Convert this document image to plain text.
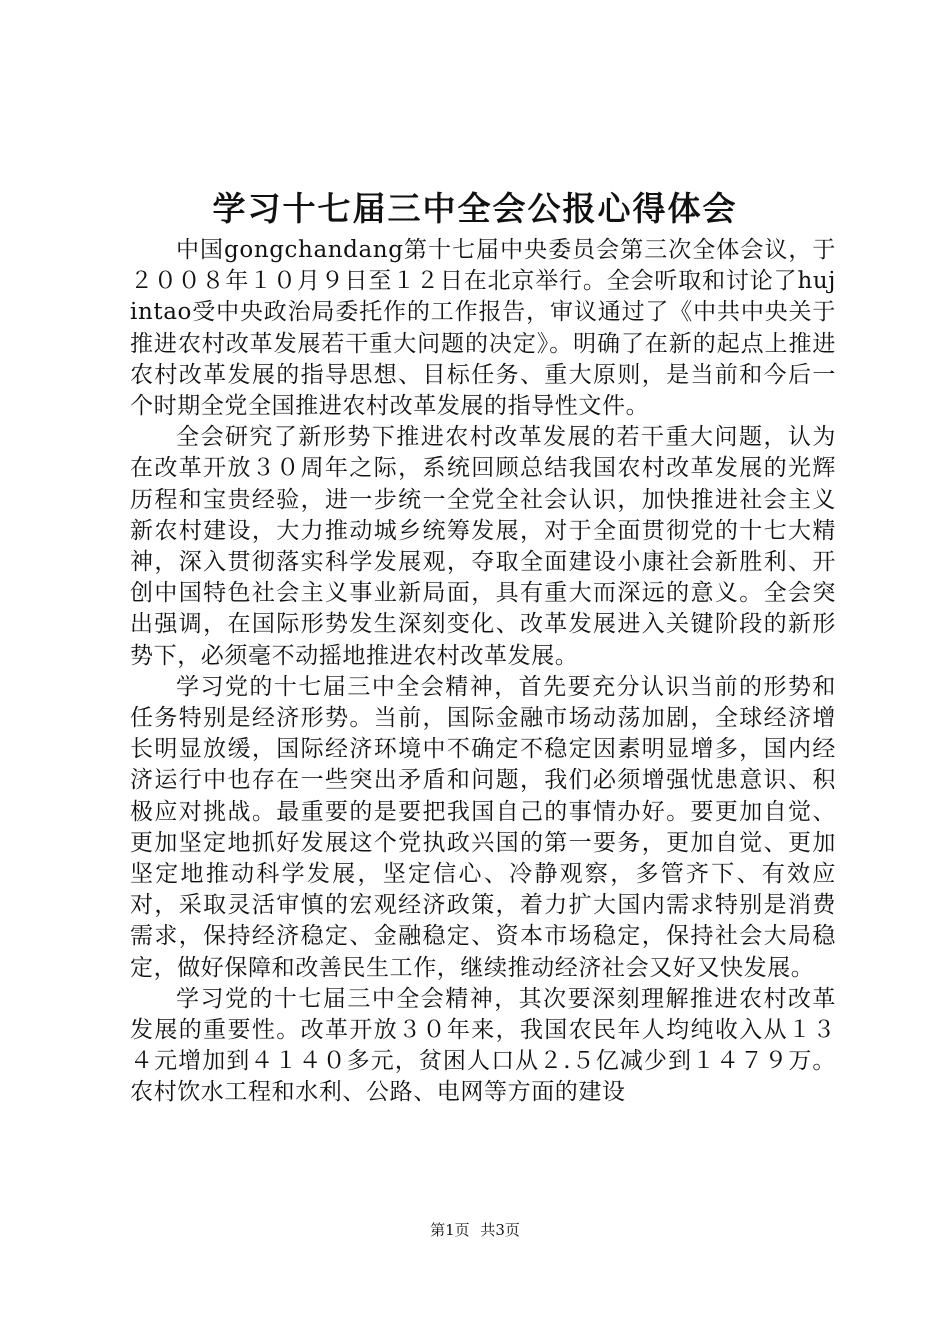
学习十七届三中全会公报心得体会

中国gongchandang第十七届中央委员会第三次全体会议，于２００８年１０月９日至１２日在北京举行。全会听取和讨论了hujintao受中央政治局委托作的工作报告，审议通过了《中共中央关于推进农村改革发展若干重大问题的决定》。明确了在新的起点上推进农村改革发展的指导思想、目标任务、重大原则，是当前和今后一个时期全党全国推进农村改革发展的指导性文件。

全会研究了新形势下推进农村改革发展的若干重大问题，认为在改革开放３０周年之际，系统回顾总结我国农村改革发展的光辉历程和宝贵经验，进一步统一全党全社会认识，加快推进社会主义新农村建设，大力推动城乡统筹发展，对于全面贯彻党的十七大精神，深入贯彻落实科学发展观，夺取全面建设小康社会新胜利、开创中国特色社会主义事业新局面，具有重大而深远的意义。全会突出强调，在国际形势发生深刻变化、改革发展进入关键阶段的新形势下，必须毫不动摇地推进农村改革发展。

学习党的十七届三中全会精神，首先要充分认识当前的形势和任务特别是经济形势。当前，国际金融市场动荡加剧，全球经济增长明显放缓，国际经济环境中不确定不稳定因素明显增多，国内经济运行中也存在一些突出矛盾和问题，我们必须增强忧患意识、积极应对挑战。最重要的是要把我国自己的事情办好。要更加自觉、更加坚定地抓好发展这个党执政兴国的第一要务，更加自觉、更加坚定地推动科学发展，坚定信心、冷静观察，多管齐下、有效应对，采取灵活审慎的宏观经济政策，着力扩大国内需求特别是消费需求，保持经济稳定、金融稳定、资本市场稳定，保持社会大局稳定，做好保障和改善民生工作，继续推动经济社会又好又快发展。

学习党的十七届三中全会精神，其次要深刻理解推进农村改革发展的重要性。改革开放３０年来，我国农民年人均纯收入从１３４元增加到４１４０多元，贫困人口从２.５亿减少到１４７９万。农村饮水工程和水利、公路、电网等方面的建设

第1页 共3页
